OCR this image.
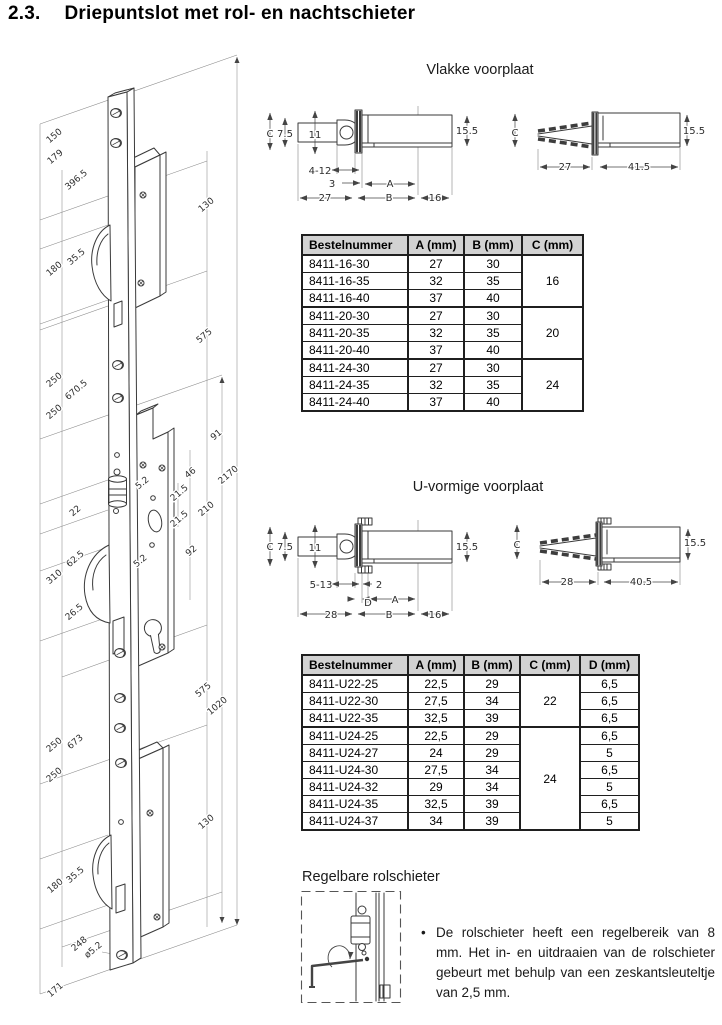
2.3. Driepuntslot met rol- en nachtschieter
150
179
396.5
130
35.5
180
575
250 670.5
250
91
46 2170
5.2 21.5
210
22	21.5
92
62.5	5.2
310
26.5
575
1020
673
250
250
130
35.5
180
248
ø5.2
171
Vlakke voorplaat
C 7.5 11	15.5
4-12
3	A
B
27	16
C	15.5
27	41.5
Bestelnummer	A (mm)	B (mm)	C (mm)
8411-16-30	27	30	16
8411-16-35	32	35	
8411-16-40	37	40	
8411-20-30	27	30	20
8411-20-35	32	35	
8411-20-40	37	40	
8411-24-30	27	30	24
8411-24-35	32	35	
8411-24-40	37	40	
U-vormige voorplaat
C 7.5 11	15.5
5-13	2
D A
B
28	16
C	15.5
28	40.5
Bestelnummer	A (mm)	B (mm)	C (mm)	D (mm)
8411-U22-25	22,5	29	22	6,5
8411-U22-30	27,5	34		6,5
8411-U22-35	32,5	39		6,5
8411-U24-25	22,5	29	24	6,5
8411-U24-27	24	29		5
8411-U24-30	27,5	34		6,5
8411-U24-32	29	34		5
8411-U24-35	32,5	39		6,5
8411-U24-37	34	39		5
Regelbare rolschieter
• De rolschieter heeft een regelbereik van 8 mm. Het in- en uitdraaien van de rolschieter gebeurt met behulp van een zeskantsleuteltje van 2,5 mm.
